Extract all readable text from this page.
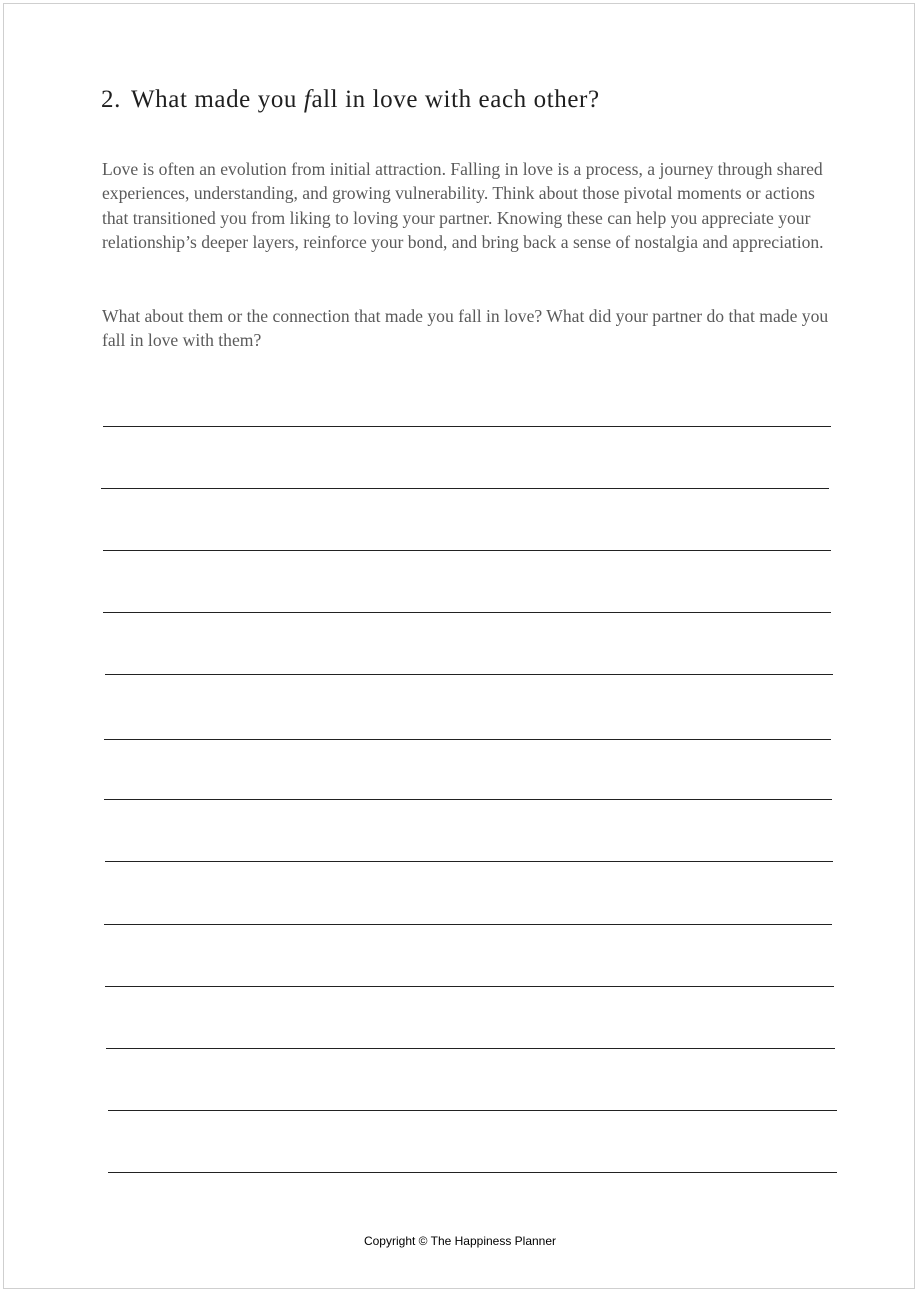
2. What made you fall in love with each other?

Love is often an evolution from initial attraction. Falling in love is a process, a journey through shared experiences, understanding, and growing vulnerability. Think about those pivotal moments or actions that transitioned you from liking to loving your partner. Knowing these can help you appreciate your relationship’s deeper layers, reinforce your bond, and bring back a sense of nostalgia and appreciation.

What about them or the connection that made you fall in love? What did your partner do that made you fall in love with them?

Copyright © The Happiness Planner
